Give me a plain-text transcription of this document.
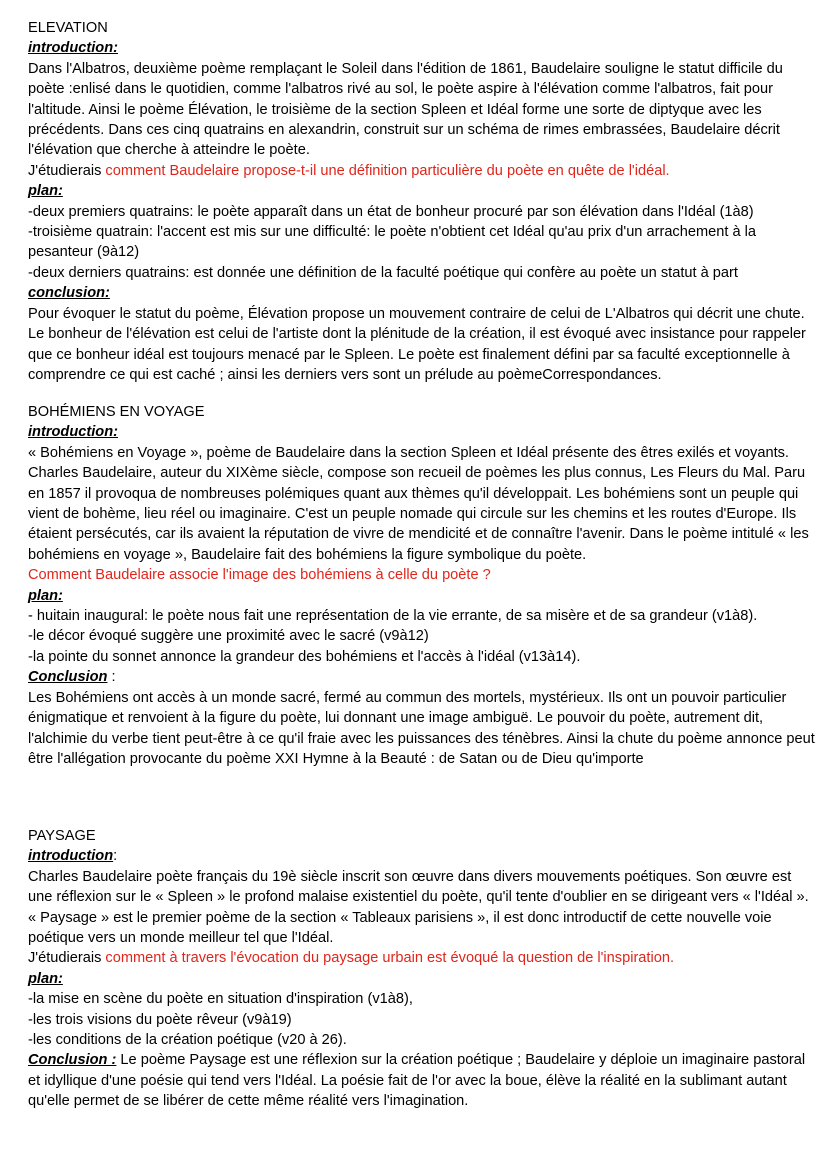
ELEVATION
introduction:
Dans l'Albatros, deuxième poème remplaçant le Soleil dans l'édition de 1861, Baudelaire souligne le statut difficile du poète :enlisé dans le quotidien, comme l'albatros rivé au sol, le poète aspire à l'élévation comme l'albatros, fait pour l'altitude. Ainsi le poème Élévation, le troisième de la section Spleen et Idéal forme une sorte de diptyque avec les précédents. Dans ces cinq quatrains en alexandrin, construit sur un schéma de rimes embrassées, Baudelaire décrit l'élévation que cherche à atteindre le poète.
J'étudierais comment Baudelaire propose-t-il une définition particulière du poète en quête de l'idéal.
plan:
-deux premiers quatrains: le poète apparaît dans un état de bonheur procuré par son élévation dans l'Idéal (1à8)
-troisième quatrain: l'accent est mis sur une difficulté: le poète n'obtient cet Idéal qu'au prix d'un arrachement à la pesanteur (9à12)
-deux derniers quatrains: est donnée une définition de la faculté poétique qui confère au poète un statut à part
conclusion:
Pour évoquer le statut du poème, Élévation propose un mouvement contraire de celui de L'Albatros qui décrit une chute. Le bonheur de l'élévation est celui de l'artiste dont la plénitude de la création, il est évoqué avec insistance pour rappeler que ce bonheur idéal est toujours menacé par le Spleen. Le poète est finalement défini par sa faculté exceptionnelle à comprendre ce qui est caché ; ainsi les derniers vers sont un prélude au poèmeCorrespondances.
BOHÉMIENS EN VOYAGE
introduction:
« Bohémiens en Voyage », poème de Baudelaire dans la section Spleen et Idéal présente des êtres exilés et voyants. Charles Baudelaire, auteur du XIXème siècle, compose son recueil de poèmes les plus connus, Les Fleurs du Mal. Paru en 1857 il provoqua de nombreuses polémiques quant aux thèmes qu'il développait. Les bohémiens sont un peuple qui vient de bohème, lieu réel ou imaginaire. C'est un peuple nomade qui circule sur les chemins et les routes d'Europe. Ils étaient persécutés, car ils avaient la réputation de vivre de mendicité et de connaître l'avenir. Dans le poème intitulé « les bohémiens en voyage », Baudelaire fait des bohémiens la figure symbolique du poète.
Comment Baudelaire associe l'image des bohémiens à celle du poète ?
plan:
- huitain inaugural: le poète nous fait une représentation de la vie errante, de sa misère et de sa grandeur (v1à8).
-le décor évoqué suggère une proximité avec le sacré (v9à12)
-la pointe du sonnet annonce la grandeur des bohémiens et l'accès à l'idéal (v13à14).
Conclusion :
Les Bohémiens ont accès à un monde sacré, fermé au commun des mortels, mystérieux. Ils ont un pouvoir particulier énigmatique et renvoient à la figure du poète, lui donnant une image ambiguë. Le pouvoir du poète, autrement dit, l'alchimie du verbe tient peut-être à ce qu'il fraie avec les puissances des ténèbres. Ainsi la chute du poème annonce peut être l'allégation provocante du poème XXI Hymne à la Beauté : de Satan ou de Dieu qu'importe
PAYSAGE
introduction:
Charles Baudelaire poète français du 19è siècle inscrit son œuvre dans divers mouvements poétiques. Son œuvre est une réflexion sur le « Spleen » le profond malaise existentiel du poète, qu'il tente d'oublier en se dirigeant vers « l'Idéal ». « Paysage » est le premier poème de la section « Tableaux parisiens », il est donc introductif de cette nouvelle voie poétique vers un monde meilleur tel que l'Idéal.
J'étudierais comment à travers l'évocation du paysage urbain est évoqué la question de l'inspiration.
plan:
-la mise en scène du poète en situation d'inspiration (v1à8),
-les trois visions du poète rêveur (v9à19)
-les conditions de la création poétique (v20 à 26).
Conclusion : Le poème Paysage est une réflexion sur la création poétique ; Baudelaire y déploie un imaginaire pastoral et idyllique d'une poésie qui tend vers l'Idéal. La poésie fait de l'or avec la boue, élève la réalité en la sublimant autant qu'elle permet de se libérer de cette même réalité vers l'imagination.
